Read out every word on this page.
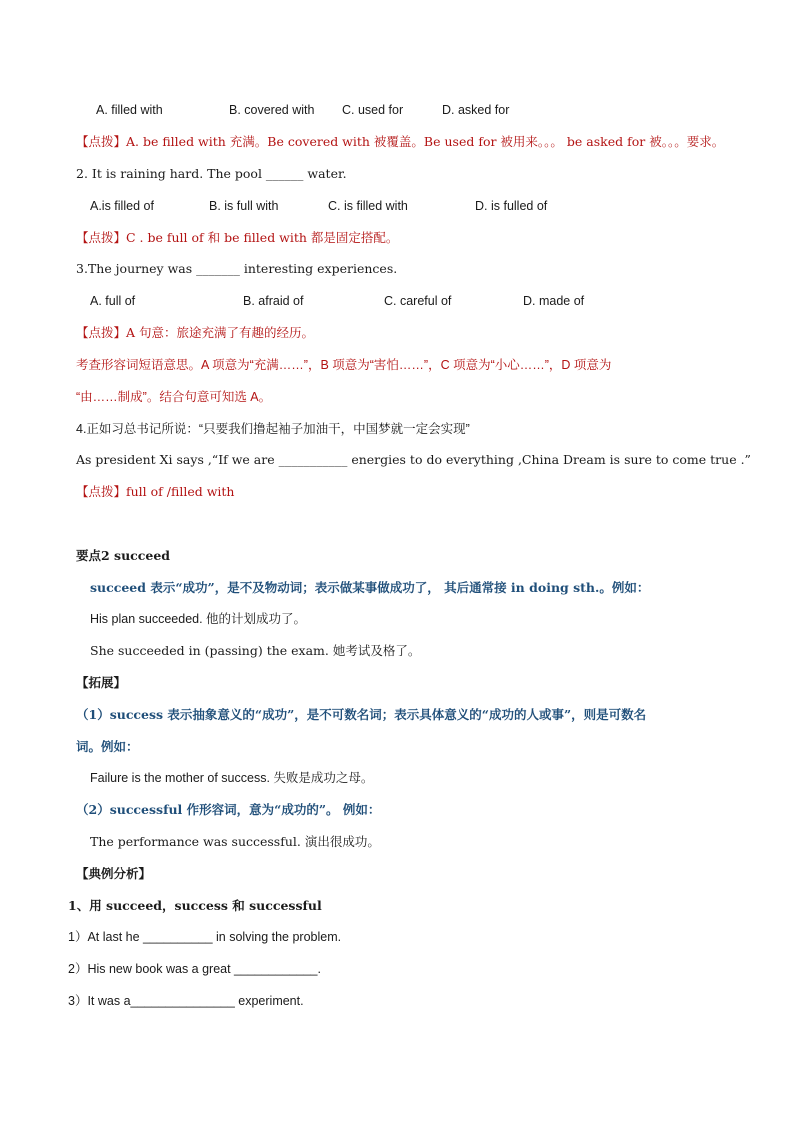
A. filled with	B. covered with C. used for	D. asked for
【点拨】A. be filled with 充满。Be covered with 被覆盖。Be used for 被用来。。。 be asked for 被。。。要求。
2. It is raining hard. The pool ______ water.
A.is filled of	B. is full with	C. is filled with	D. is fulled of
【点拨】C . be full of 和 be filled with 都是固定搭配。
3.The journey was _______ interesting experiences.
A. full of	B. afraid of	C. careful of	D. made of
【点拨】A 句意：旅途充满了有趣的经历。
考查形容词短语意思。A 项意为“充满……”，B 项意为“害怕……”，C 项意为“小心……”，D 项意为
“由……制成”。结合句意可知选 A。
4.正如习总书记所说：“只要我们撸起袖子加油干，中国梦就一定会实现”
As president Xi says ,“If we are ___________ energies to do everything ,China Dream is sure to come true .”
【点拨】full of /filled with
要点2 succeed
succeed 表示“成功”，是不及物动词；表示做某事做成功了， 其后通常接 in doing sth.。例如：
His plan succeeded. 他的计划成功了。
She succeeded in (passing) the exam. 她考试及格了。
【拓展】
（1）success 表示抽象意义的“成功”，是不可数名词；表示具体意义的“成功的人或事”，则是可数名
词。例如：
Failure is the mother of success. 失败是成功之母。
（2）successful 作形容词，意为“成功的”。 例如：
The performance was successful. 演出很成功。
【典例分析】
1、用 succeed，success 和 successful
1）At last he __________ in solving the problem.
2）His new book was a great ____________.
3）It was a_______________ experiment.
